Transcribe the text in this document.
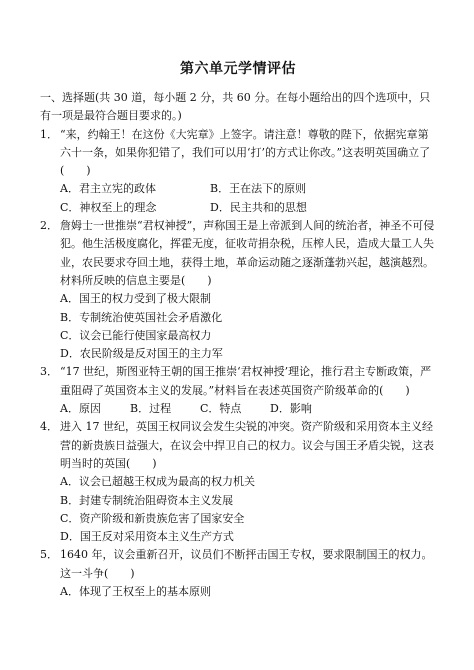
第六单元学情评估

一、选择题(共 30 道，每小题 2 分，共 60 分。在每小题给出的四个选项中，只有一项是最符合题目要求的。)

1． “来，约翰王！在这份《大宪章》上签字。请注意！尊敬的陛下，依据宪章第六十一条，如果你犯错了，我们可以用‘打’的方式让你改。”这表明英国确立了(　　)
A．君主立宪的政体	B．王在法下的原则
C．神权至上的理念	D．民主共和的思想
2． 詹姆士一世推崇“君权神授”，声称国王是上帝派到人间的统治者，神圣不可侵犯。他生活极度腐化，挥霍无度，征收苛捐杂税，压榨人民，造成大量工人失业，农民要求夺回土地，获得土地，革命运动随之逐渐蓬勃兴起，越演越烈。材料所反映的信息主要是(　　)

A．国王的权力受到了极大限制

B．专制统治使英国社会矛盾激化

C．议会已能行使国家最高权力

D．农民阶级是反对国王的主力军

3． “17 世纪，斯图亚特王朝的国王推崇‘君权神授’理论，推行君主专断政策，严重阻碍了英国资本主义的发展。”材料旨在表述英国资产阶级革命的(　　)
A．原因	B．过程	C．特点	D．影响
4． 进入 17 世纪，英国王权同议会发生尖锐的冲突。资产阶级和采用资本主义经营的新贵族日益强大，在议会中捍卫自己的权力。议会与国王矛盾尖锐，这表明当时的英国(　　)

A．议会已超越王权成为最高的权力机关

B．封建专制统治阻碍资本主义发展

C．资产阶级和新贵族危害了国家安全

D．国王反对采用资本主义生产方式

5． 1640 年，议会重新召开，议员们不断抨击国王专权，要求限制国王的权力。这一斗争(　　)

A．体现了王权至上的基本原则
